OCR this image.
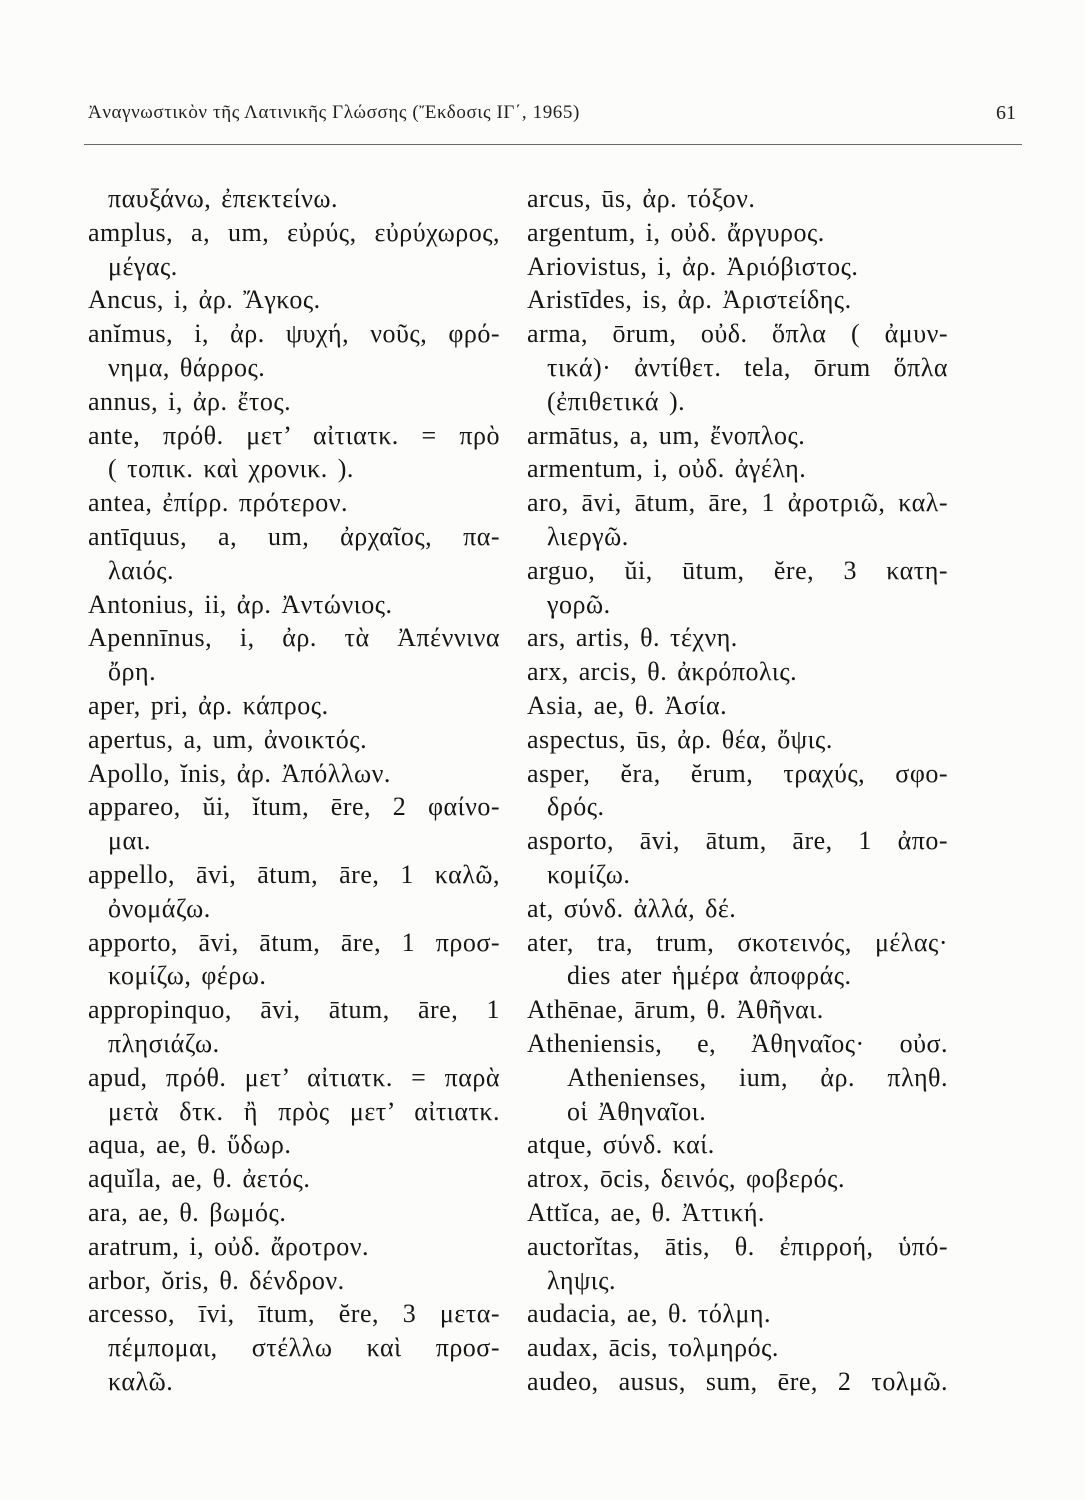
Ἀναγνωστικὸν τῆς Λατινικῆς Γλώσσης (Ἔκδοσις ΙΓ΄, 1965)	61
παυξάνω, ἐπεκτείνω.
amplus, a, um, εὐρύς, εὐρύχωρος,
μέγας.
Ancus, i, ἀρ. Ἄγκος.
anĭmus, i, ἀρ. ψυχή, νοῦς, φρό-
νημα, θάρρος.
annus, i, ἀρ. ἔτος.
ante, πρόθ. μετ’ αἰτιατκ. = πρὸ
( τοπικ. καὶ χρονικ. ).
antea, ἐπίρρ. πρότερον.
antīquus, a, um, ἀρχαῖος, πα-
λαιός.
Antonius, ii, ἀρ. Ἀντώνιος.
Apennīnus, i, ἀρ. τὰ Ἀπέννινα
ὄρη.
aper, pri, ἀρ. κάπρος.
apertus, a, um, ἀνοικτός.
Apollo, ĭnis, ἀρ. Ἀπόλλων.
appareo, ŭi, ĭtum, ēre, 2 φαίνο-
μαι.
appello, āvi, ātum, āre, 1 καλῶ,
ὀνομάζω.
apporto, āvi, ātum, āre, 1 προσ-
κομίζω, φέρω.
appropinquo, āvi, ātum, āre, 1
πλησιάζω.
apud, πρόθ. μετ’ αἰτιατκ. = παρὰ
μετὰ δτκ. ἢ πρὸς μετ’ αἰτιατκ.
aqua, ae, θ. ὕδωρ.
aquĭla, ae, θ. ἀετός.
ara, ae, θ. βωμός.
aratrum, i, οὐδ. ἄροτρον.
arbor, ŏris, θ. δένδρον.
arcesso, īvi, ītum, ĕre, 3 μετα-
πέμπομαι, στέλλω καὶ προσ-
καλῶ.
arcus, ūs, ἀρ. τόξον.
argentum, i, οὐδ. ἄργυρος.
Ariovistus, i, ἀρ. Ἀριόβιστος.
Aristīdes, is, ἀρ. Ἀριστείδης.
arma, ōrum, οὐδ. ὅπλα ( ἀμυν-
τικά)· ἀντίθετ. tela, ōrum ὅπλα
(ἐπιθετικά ).
armātus, a, um, ἔνοπλος.
armentum, i, οὐδ. ἀγέλη.
aro, āvi, ātum, āre, 1 ἀροτριῶ, καλ-
λιεργῶ.
arguo, ŭi, ūtum, ĕre, 3 κατη-
γορῶ.
ars, artis, θ. τέχνη.
arx, arcis, θ. ἀκρόπολις.
Asia, ae, θ. Ἀσία.
aspectus, ūs, ἀρ. θέα, ὄψις.
asper, ĕra, ĕrum, τραχύς, σφο-
δρός.
asporto, āvi, ātum, āre, 1 ἀπο-
κομίζω.
at, σύνδ. ἀλλά, δέ.
ater, tra, trum, σκοτεινός, μέλας·
dies ater ἡμέρα ἀποφράς.
Athēnae, ārum, θ. Ἀθῆναι.
Atheniensis, e, Ἀθηναῖος· οὐσ.
Athenienses, ium, ἀρ. πληθ.
οἱ Ἀθηναῖοι.
atque, σύνδ. καί.
atrox, ōcis, δεινός, φοβερός.
Attĭca, ae, θ. Ἀττική.
auctorĭtas, ātis, θ. ἐπιρροή, ὑπό-
ληψις.
audacia, ae, θ. τόλμη.
audax, ācis, τολμηρός.
audeo, ausus, sum, ēre, 2 τολμῶ.
